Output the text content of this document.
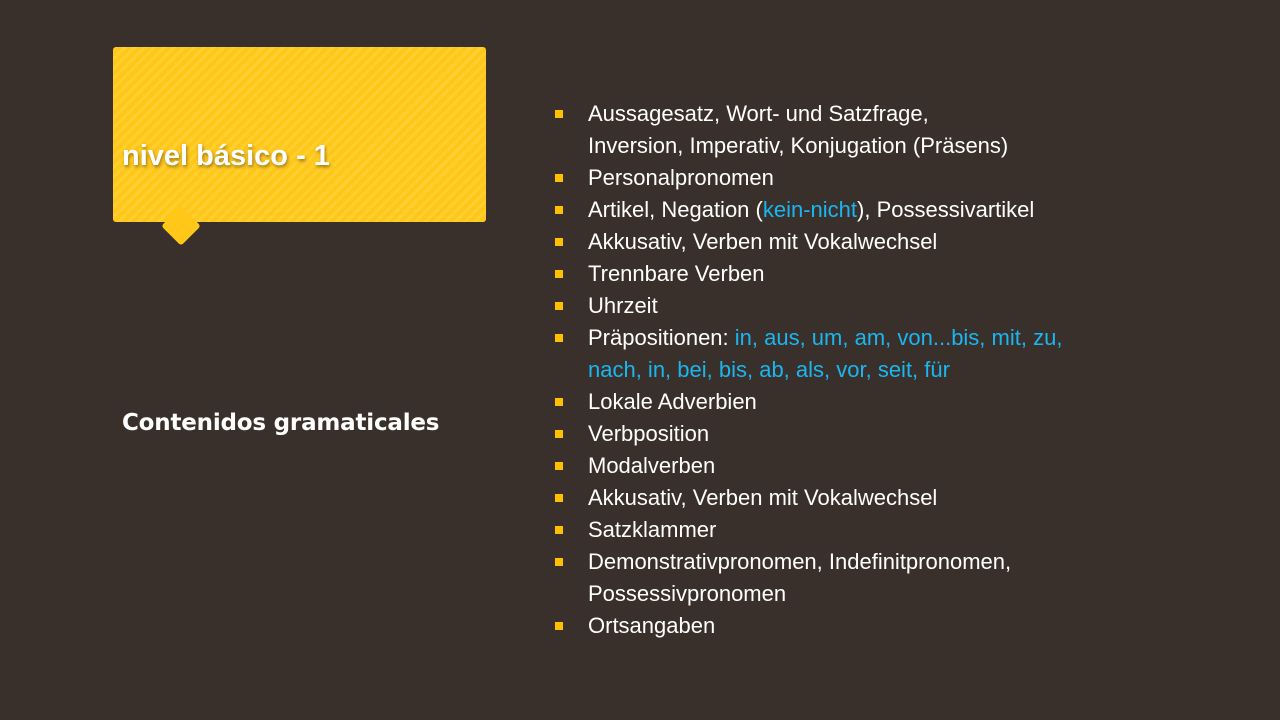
nivel básico - 1
Contenidos gramaticales
Aussagesatz, Wort- und Satzfrage,
Inversion, Imperativ, Konjugation (Präsens)
Personalpronomen
Artikel, Negation (kein-nicht), Possessivartikel
Akkusativ, Verben mit Vokalwechsel
Trennbare Verben
Uhrzeit
Präpositionen: in, aus, um, am, von...bis, mit, zu,
nach, in, bei, bis, ab, als, vor, seit, für
Lokale Adverbien
Verbposition
Modalverben
Akkusativ, Verben mit Vokalwechsel
Satzklammer
Demonstrativpronomen, Indefinitpronomen,
Possessivpronomen
Ortsangaben
